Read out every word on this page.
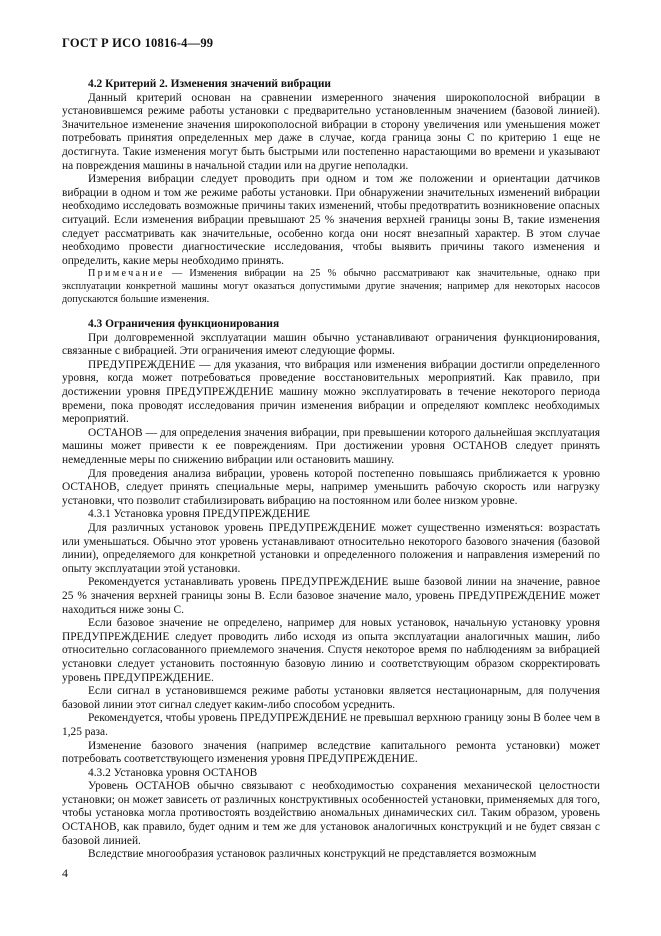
ГОСТ Р ИСО 10816-4—99
4.2 Критерий 2. Изменения значений вибрации

Данный критерий основан на сравнении измеренного значения широкополосной вибрации в установившемся режиме работы установки с предварительно установленным значением (базовой линией). Значительное изменение значения широкополосной вибрации в сторону увеличения или уменьшения может потребовать принятия определенных мер даже в случае, когда граница зоны С по критерию 1 еще не достигнута. Такие изменения могут быть быстрыми или постепенно нарастающими во времени и указывают на повреждения машины в начальной стадии или на другие неполадки.

Измерения вибрации следует проводить при одном и том же положении и ориентации датчиков вибрации в одном и том же режиме работы установки. При обнаружении значительных изменений вибрации необходимо исследовать возможные причины таких изменений, чтобы предотвратить возникновение опасных ситуаций. Если изменения вибрации превышают 25 % значения верхней границы зоны В, такие изменения следует рассматривать как значительные, особенно когда они носят внезапный характер. В этом случае необходимо провести диагностические исследования, чтобы выявить причины такого изменения и определить, какие меры необходимо принять.

Примечание — Изменения вибрации на 25 % обычно рассматривают как значительные, однако при эксплуатации конкретной машины могут оказаться допустимыми другие значения; например для некоторых насосов допускаются большие изменения.

4.3 Ограничения функционирования

При долговременной эксплуатации машин обычно устанавливают ограничения функционирования, связанные с вибрацией. Эти ограничения имеют следующие формы.

ПРЕДУПРЕЖДЕНИЕ — для указания, что вибрация или изменения вибрации достигли определенного уровня, когда может потребоваться проведение восстановительных мероприятий. Как правило, при достижении уровня ПРЕДУПРЕЖДЕНИЕ машину можно эксплуатировать в течение некоторого периода времени, пока проводят исследования причин изменения вибрации и определяют комплекс необходимых мероприятий.

ОСТАНОВ — для определения значения вибрации, при превышении которого дальнейшая эксплуатация машины может привести к ее повреждениям. При достижении уровня ОСТАНОВ следует принять немедленные меры по снижению вибрации или остановить машину.

Для проведения анализа вибрации, уровень которой постепенно повышаясь приближается к уровню ОСТАНОВ, следует принять специальные меры, например уменьшить рабочую скорость или нагрузку установки, что позволит стабилизировать вибрацию на постоянном или более низком уровне.

4.3.1 Установка уровня ПРЕДУПРЕЖДЕНИЕ

Для различных установок уровень ПРЕДУПРЕЖДЕНИЕ может существенно изменяться: возрастать или уменьшаться. Обычно этот уровень устанавливают относительно некоторого базового значения (базовой линии), определяемого для конкретной установки и определенного положения и направления измерений по опыту эксплуатации этой установки.

Рекомендуется устанавливать уровень ПРЕДУПРЕЖДЕНИЕ выше базовой линии на значение, равное 25 % значения верхней границы зоны В. Если базовое значение мало, уровень ПРЕДУПРЕЖДЕНИЕ может находиться ниже зоны С.

Если базовое значение не определено, например для новых установок, начальную установку уровня ПРЕДУПРЕЖДЕНИЕ следует проводить либо исходя из опыта эксплуатации аналогичных машин, либо относительно согласованного приемлемого значения. Спустя некоторое время по наблюдениям за вибрацией установки следует установить постоянную базовую линию и соответствующим образом скорректировать уровень ПРЕДУПРЕЖДЕНИЕ.

Если сигнал в установившемся режиме работы установки является нестационарным, для получения базовой линии этот сигнал следует каким-либо способом усреднить.

Рекомендуется, чтобы уровень ПРЕДУПРЕЖДЕНИЕ не превышал верхнюю границу зоны В более чем в 1,25 раза.

Изменение базового значения (например вследствие капитального ремонта установки) может потребовать соответствующего изменения уровня ПРЕДУПРЕЖДЕНИЕ.

4.3.2 Установка уровня ОСТАНОВ

Уровень ОСТАНОВ обычно связывают с необходимостью сохранения механической целостности установки; он может зависеть от различных конструктивных особенностей установки, применяемых для того, чтобы установка могла противостоять воздействию аномальных динамических сил. Таким образом, уровень ОСТАНОВ, как правило, будет одним и тем же для установок аналогичных конструкций и не будет связан с базовой линией.

Вследствие многообразия установок различных конструкций не представляется возможным

4
